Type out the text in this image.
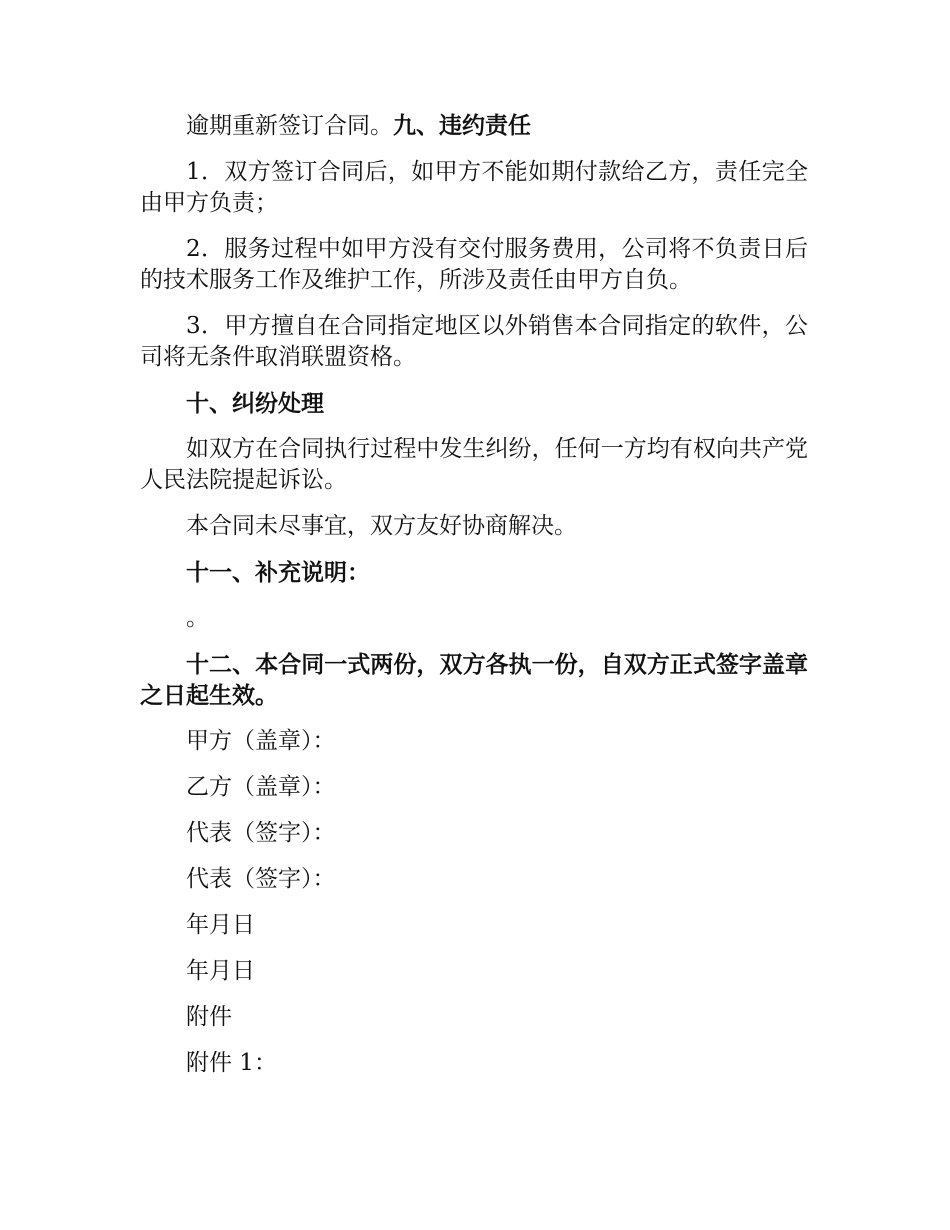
逾期重新签订合同。九、违约责任

1．双方签订合同后，如甲方不能如期付款给乙方，责任完全由甲方负责；

2．服务过程中如甲方没有交付服务费用，公司将不负责日后的技术服务工作及维护工作，所涉及责任由甲方自负。

3．甲方擅自在合同指定地区以外销售本合同指定的软件，公司将无条件取消联盟资格。

十、纠纷处理

如双方在合同执行过程中发生纠纷，任何一方均有权向共产党人民法院提起诉讼。

本合同未尽事宜，双方友好协商解决。

十一、补充说明：

。

十二、本合同一式两份，双方各执一份，自双方正式签字盖章之日起生效。

甲方（盖章）：

乙方（盖章）：

代表（签字）：

代表（签字）：

年月日

年月日

附件

附件 1：
